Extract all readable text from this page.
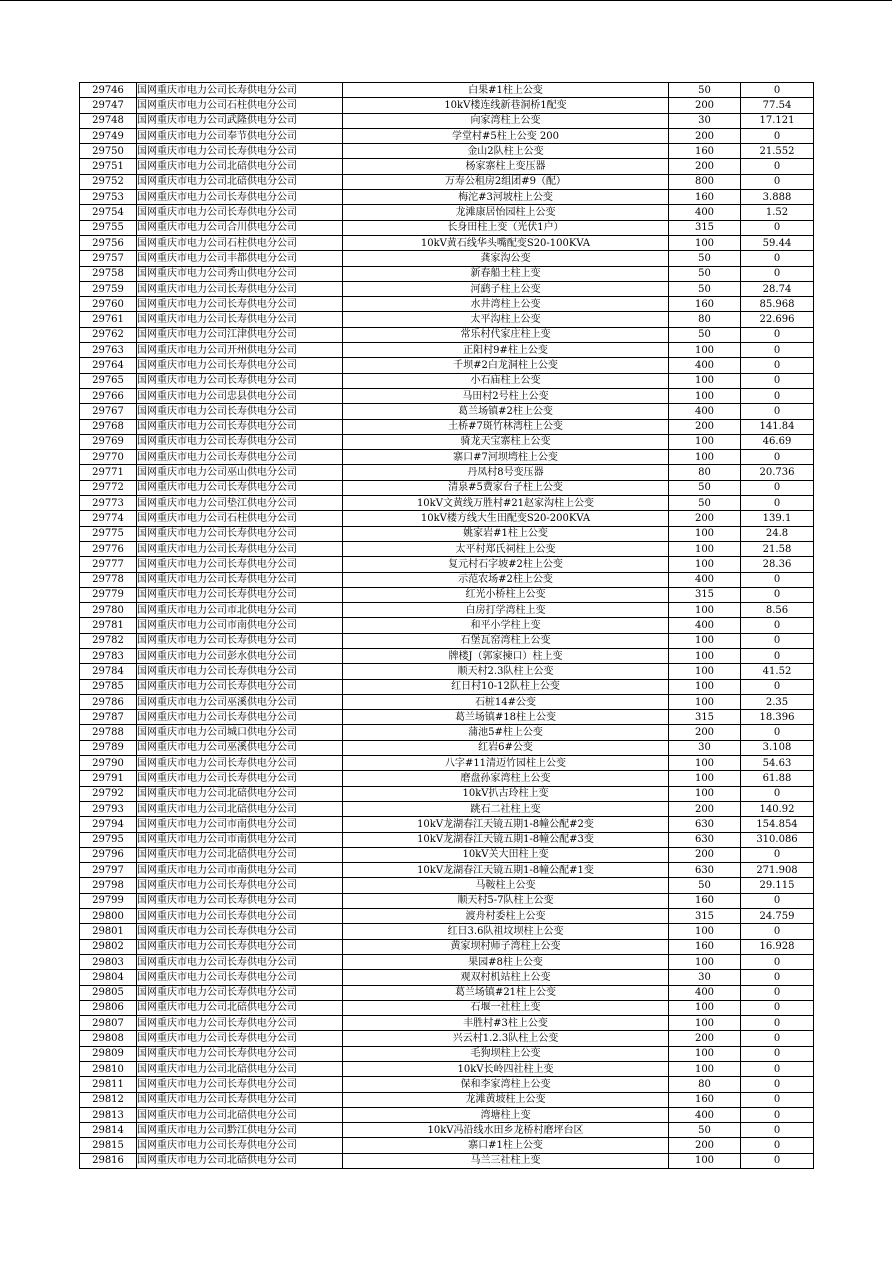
29746	国网重庆市电力公司长寿供电分公司	白果#1柱上公变	50	0
29747	国网重庆市电力公司石柱供电分公司	10kV楼连线新巷洞桥1配变	200	77.54
29748	国网重庆市电力公司武隆供电分公司	向家湾柱上公变	30	17.121
29749	国网重庆市电力公司奉节供电分公司	学堂村#5柱上公变 200	200	0
29750	国网重庆市电力公司长寿供电分公司	金山2队柱上公变	160	21.552
29751	国网重庆市电力公司北碚供电分公司	杨家寨柱上变压器	200	0
29752	国网重庆市电力公司北碚供电分公司	万寿公租房2组团#9（配）	800	0
29753	国网重庆市电力公司长寿供电分公司	梅沱#3河坡柱上公变	160	3.888
29754	国网重庆市电力公司长寿供电分公司	龙滩康居怡园柱上公变	400	1.52
29755	国网重庆市电力公司合川供电分公司	长身田柱上变（光伏1户）	315	0
29756	国网重庆市电力公司石柱供电分公司	10kV黄石线华头嘴配变S20-100KVA	100	59.44
29757	国网重庆市电力公司丰都供电分公司	龚家沟公变	50	0
29758	国网重庆市电力公司秀山供电分公司	新春船土柱上变	50	0
29759	国网重庆市电力公司长寿供电分公司	河鹞子柱上公变	50	28.74
29760	国网重庆市电力公司长寿供电分公司	水井湾柱上公变	160	85.968
29761	国网重庆市电力公司长寿供电分公司	太平沟柱上公变	80	22.696
29762	国网重庆市电力公司江津供电分公司	常乐村代家庄柱上变	50	0
29763	国网重庆市电力公司开州供电分公司	正阳村9#柱上公变	100	0
29764	国网重庆市电力公司长寿供电分公司	千坝#2白龙洞柱上公变	400	0
29765	国网重庆市电力公司长寿供电分公司	小石庙柱上公变	100	0
29766	国网重庆市电力公司忠县供电分公司	马田村2号柱上公变	100	0
29767	国网重庆市电力公司长寿供电分公司	葛兰场镇#2柱上公变	400	0
29768	国网重庆市电力公司长寿供电分公司	土桥#7斑竹林湾柱上公变	200	141.84
29769	国网重庆市电力公司长寿供电分公司	骑龙天宝寨柱上公变	100	46.69
29770	国网重庆市电力公司长寿供电分公司	寨口#7河坝塆柱上公变	100	0
29771	国网重庆市电力公司巫山供电分公司	丹凤村8号变压器	80	20.736
29772	国网重庆市电力公司长寿供电分公司	清泉#5费家台子柱上公变	50	0
29773	国网重庆市电力公司垫江供电分公司	10kV文黄线万胜村#21赵家沟柱上公变	50	0
29774	国网重庆市电力公司石柱供电分公司	10kV楼方线大生田配变S20-200KVA	200	139.1
29775	国网重庆市电力公司长寿供电分公司	姚家岩#1柱上公变	100	24.8
29776	国网重庆市电力公司长寿供电分公司	太平村郑氏祠柱上公变	100	21.58
29777	国网重庆市电力公司长寿供电分公司	复元村石字坡#2柱上公变	100	28.36
29778	国网重庆市电力公司长寿供电分公司	示范农场#2柱上公变	400	0
29779	国网重庆市电力公司长寿供电分公司	红光小桥柱上公变	315	0
29780	国网重庆市电力公司市北供电分公司	白房打学湾柱上变	100	8.56
29781	国网重庆市电力公司市南供电分公司	和平小学柱上变	400	0
29782	国网重庆市电力公司长寿供电分公司	石堡瓦窑湾柱上公变	100	0
29783	国网重庆市电力公司彭水供电分公司	牌楼J（郭家揀口）柱上变	100	0
29784	国网重庆市电力公司长寿供电分公司	顺天村2.3队柱上公变	100	41.52
29785	国网重庆市电力公司长寿供电分公司	红日村10-12队柱上公变	100	0
29786	国网重庆市电力公司巫溪供电分公司	石桩14#公变	100	2.35
29787	国网重庆市电力公司长寿供电分公司	葛兰场镇#18柱上公变	315	18.396
29788	国网重庆市电力公司城口供电分公司	蒲池5#柱上公变	200	0
29789	国网重庆市电力公司巫溪供电分公司	红岩6#公变	30	3.108
29790	国网重庆市电力公司长寿供电分公司	八字#11清迈竹园柱上公变	100	54.63
29791	国网重庆市电力公司长寿供电分公司	磨盘孙家湾柱上公变	100	61.88
29792	国网重庆市电力公司北碚供电分公司	10kV扒古玲柱上变	100	0
29793	国网重庆市电力公司北碚供电分公司	跳石二社柱上变	200	140.92
29794	国网重庆市电力公司市南供电分公司	10kV龙湖春江天镜五期1-8幢公配#2变	630	154.854
29795	国网重庆市电力公司市南供电分公司	10kV龙湖春江天镜五期1-8幢公配#3变	630	310.086
29796	国网重庆市电力公司北碚供电分公司	10kV关大田柱上变	200	0
29797	国网重庆市电力公司市南供电分公司	10kV龙湖春江天镜五期1-8幢公配#1变	630	271.908
29798	国网重庆市电力公司长寿供电分公司	马鞍柱上公变	50	29.115
29799	国网重庆市电力公司长寿供电分公司	顺天村5-7队柱上公变	160	0
29800	国网重庆市电力公司长寿供电分公司	渡舟村委柱上公变	315	24.759
29801	国网重庆市电力公司长寿供电分公司	红日3.6队祖坟坝柱上公变	100	0
29802	国网重庆市电力公司长寿供电分公司	黄家坝村师子湾柱上公变	160	16.928
29803	国网重庆市电力公司长寿供电分公司	果园#8柱上公变	100	0
29804	国网重庆市电力公司长寿供电分公司	观双村机站柱上公变	30	0
29805	国网重庆市电力公司长寿供电分公司	葛兰场镇#21柱上公变	400	0
29806	国网重庆市电力公司北碚供电分公司	石堰一社柱上变	100	0
29807	国网重庆市电力公司长寿供电分公司	丰胜村#3柱上公变	100	0
29808	国网重庆市电力公司长寿供电分公司	兴云村1.2.3队柱上公变	200	0
29809	国网重庆市电力公司长寿供电分公司	毛狗坝柱上公变	100	0
29810	国网重庆市电力公司北碚供电分公司	10kV长岭四社柱上变	100	0
29811	国网重庆市电力公司长寿供电分公司	保和李家湾柱上公变	80	0
29812	国网重庆市电力公司长寿供电分公司	龙滩黄坡柱上公变	160	0
29813	国网重庆市电力公司北碚供电分公司	湾塘柱上变	400	0
29814	国网重庆市电力公司黔江供电分公司	10kV冯沿线水田乡龙桥村磨坪台区	50	0
29815	国网重庆市电力公司长寿供电分公司	寨口#1柱上公变	200	0
29816	国网重庆市电力公司北碚供电分公司	马兰三社柱上变	100	0
